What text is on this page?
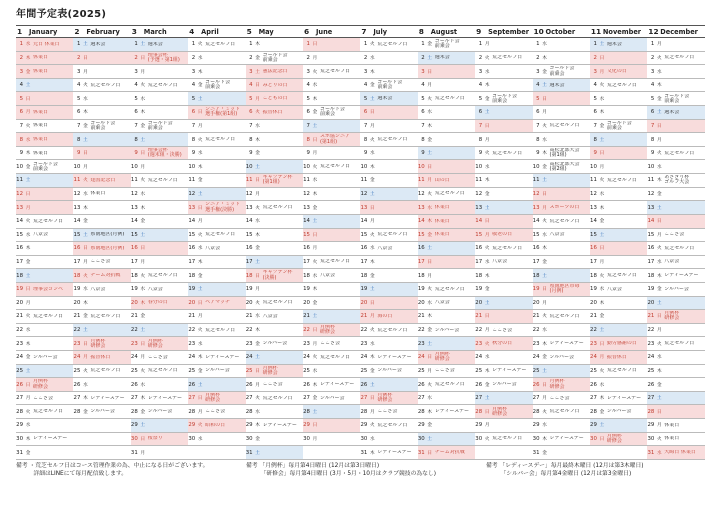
年間予定表(2025)
1	January
1 水 元日 休業日
2 木 休業日
3 金 休業日
4 土
5 日
6 月 休業日
7 火 休業日
8 水 休業日
9 木 休業日
10 金
ゴールド会
前乗会
11 土
12 日
13 月
14 火 荒芝セルフ日
15 水 八景会
16 木
17 金
18 土
19 日 理事会コンペ
20 月
21 火 荒芝セルフ日
22 水
23 木
24 金 シルバー会
25 土
26 日
月例杯
研修会
27 月 ここさ会
28 火 荒芝セルフ日
29 水
30 木 レディースデー
31 金
2	February
1 土 週末会
2 日
3 月
4 火 荒芝セルフ日
5 水
6 木
7 金
ゴールド会
前乗会
8 土
9 日
10 月
11 火 建国記念日
12 水 休業日
13 木
14 金
15 土 県南地区(月例)
16 日 県南地区(月例)
17 月 ここさ会
18 火 チーム対抗戦
19 水 八景会
20 木
21 金 荒芝セルフ日
22 土
23 日
月例杯
研修会
24 月 振替休日
25 火 荒芝セルフ日
26 水
27 木 レディースデー
28 金 シルバー会
3	March
1 土 週末会
2 日
理事会杯
(予選・第1組)
3 月
4 火 荒芝セルフ日
5 水
6 木
7 金
ゴールド会
前乗会
8 土
9 日
理事会杯
(週末組・決勝)
10 月
11 火 荒芝セルフ日
12 水
13 木
14 金
15 土
16 日
17 月
18 火 荒芝セルフ日
19 水 八景会
20 木 春分の日
21 金
22 土
23 日
月例杯
研修会
24 月 ここさ会
25 火 荒芝セルフ日
26 水
27 木 レディースデー
28 金 シルバー会
29 土
30 日 桜祭り
31 月
4	April
1 火 荒芝セルフ日
2 水
3 木
4 金
ゴールド会
前乗会
5 土
6 日
シニア・ミッド
選手権(第1組)
7 月
8 火 荒芝セルフ日
9 水
10 木
11 金
12 土
13 日
シニア・ミッド
選手権(決勝)
14 月
15 火 荒芝セルフ日
16 水 八景会
17 木
18 金
19 土
20 日 ペアマッチ
21 月
22 火 荒芝セルフ日
23 水
24 木 レディースデー
25 金 シルバー会
26 土
27 日
月例杯
研修会
28 月 ここさ会
29 火 昭和の日
30 水
5	May
1 木
2 金
ゴールド会
前乗会
3 土 憲法記念日
4 日 みどりの日
5 月 こどもの日
6 火 振替休日
7 水
8 木
9 金
10 土
11 日
キャプテン杯
(第1組)
12 月
13 火 荒芝セルフ日
14 水
15 木
16 金
17 土
18 日
キャプテン杯
(決勝)
19 月
20 火 荒芝セルフ日
21 水 八景会
22 木
23 金 シルバー会
24 土
25 日
月例杯
研修会
26 月 ここさ会
27 火 荒芝セルフ日
28 水
29 木 レディースデー
30 金
31 土
6	June
1 日
2 月
3 火 荒芝セルフ日
4 水
5 木
6 金
ゴールド会
前乗会
7 土
8 日
スポ協シニア
(第1組)
9 月
10 火 荒芝セルフ日
11 水
12 木
13 金
14 土
15 日
16 月
17 火 荒芝セルフ日
18 水 八景会
19 木
20 金
21 土
22 日
月例杯
研修会
23 月 ここさ会
24 火 荒芝セルフ日
25 水
26 木 レディースデー
27 金 シルバー会
28 土
29 日
30 月
7	July
1 火 荒芝セルフ日
2 水
3 木
4 金
ゴールド会
前乗会
5 土 週末会
6 日
7 月
8 火 荒芝セルフ日
9 水
10 木
11 金
12 土
13 日
14 月
15 火 荒芝セルフ日
16 水 八景会
17 木
18 金
19 土
20 日
21 月 海の日
22 火 荒芝セルフ日
23 水
24 木 レディースデー
25 金 シルバー会
26 土
27 日
月例杯
研修会
28 月 ここさ会
29 火 荒芝セルフ日
30 水
31 木 レディースデー
8	August
1 金
ゴールド会
前乗会
2 土 週末会
3 日
4 月
5 火 荒芝セルフ日
6 水
7 木
8 金
9 土
10 日
11 月 山の日
12 火 荒芝セルフ日
13 水 休業日
14 木 休業日
15 金 休業日
16 土
17 日
18 月
19 火 荒芝セルフ日
20 水 八景会
21 木
22 金 シルバー会
23 土
24 日
月例杯
研修会
25 月 ここさ会
26 火 荒芝セルフ日
27 水
28 木 レディースデー
29 金
30 土
31 日 チーム対抗戦
9	September
1 月
2 火 荒芝セルフ日
3 水
4 木
5 金
ゴールド会
前乗会
6 土
7 日
8 月
9 火 荒芝セルフ日
10 水
11 木
12 金
13 土
14 日
15 月 敬老の日
16 火 荒芝セルフ日
17 水 八景会
18 木
19 金
20 土
21 日
22 月 ここさ会
23 火 秋分の日
24 水
25 木 レディースデー
26 金 シルバー会
27 土
28 日
月例杯
研修会
29 月
30 火 荒芝セルフ日
10 October
1 水
2 木
3 金
ゴールド会
前乗会
4 土 週末会
5 日
6 月
7 火 荒芝セルフ日
8 水
9 木
高松北部大会
(第1組)
10 金
高松北部大会
(第2組)
11 土
12 日
13 月 スポーツの日
14 火 荒芝セルフ日
15 水 八景会
16 木
17 金
18 土
19 日
県南地区市毎
(月例)
20 月
21 火 荒芝セルフ日
22 水
23 木 レディースデー
24 金 シルバー会
25 土
26 日
月例杯
研修会
27 月 ここさ会
28 火 荒芝セルフ日
29 水
30 木 レディースデー
31 金
11 November
1 土 週末会
2 日
3 月 文化の日
4 火 荒芝セルフ日
5 水
6 木
7 金
ゴールド会
前乗会
8 土
9 日
10 月
11 火 荒芝セルフ日
12 水
13 木
14 金
15 土
16 日
17 月
18 火 荒芝セルフ日
19 水 八景会
20 木
21 金
22 土
23 日 勤労感謝の日
24 月 振替休日
25 火 荒芝セルフ日
26 水
27 木 レディースデー
28 金 シルバー会
29 土
30 日
月例杯
研修会
12 December
1 月
2 火 荒芝セルフ日
3 水
4 木
5 金
ゴールド会
前乗会
6 土 週末会
7 日
8 月
9 火 荒芝セルフ日
10 水
11 木
あさぎり杯
ゴルフ大会
12 金
13 土
14 日
15 月 ここさ会
16 火 荒芝セルフ日
17 水 八景会
18 木 レディースデー
19 金 シルバー会
20 土
21 日
月例杯
研修会
22 月
23 火 荒芝セルフ日
24 水
25 木
26 金
27 土
28 日
29 月 休業日
30 火 休業日
31 水 大晦日 休業日
備考 ・荒芝セルフ日はコース管理作業の為、中止になる日がございます。
　　　詳細はLINEにて毎月配信致します。
備考 「月例杯」毎月第4日曜日 (12月は第3日曜日)
　　　「研修会」毎月第4日曜日 (3月・5月・10月はクラブ競技の為なし)
備考 「レディースデー」毎月最終木曜日 (12月は第3木曜日)
　　　「シルバー会」毎月第4金曜日 (12月は第3金曜日)
